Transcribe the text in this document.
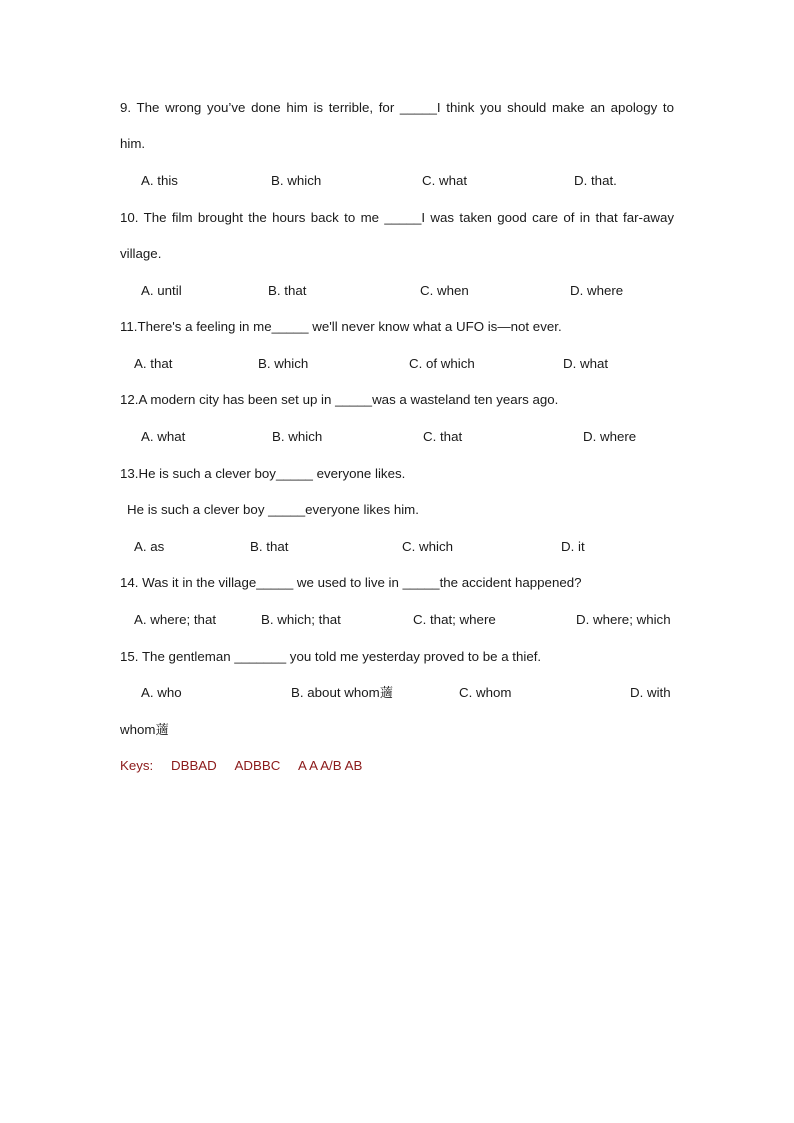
9. The wrong you’ve done him is terrible, for _____I think you should make an apology to
him.
A. this	B. which	C. what	D. that.
10. The film brought the hours back to me _____I was taken good care of in that far-away
village.
A. until	B. that	C. when	D. where
11.There's a feeling in me_____ we'll never know what a UFO is—not ever.
A. that	B. which	C. of which	D. what
12.A modern city has been set up in _____was a wasteland ten years ago.
A. what	B. which	C. that	D. where
13.He is such a clever boy_____ everyone likes.
He is such a clever boy _____everyone likes him.
A. as	B. that	C. which	D. it
14. Was it in the village_____ we used to live in _____the accident happened?
A. where; that	B. which; that	C. that; where	D. where; which
15. The gentleman _______ you told me yesterday proved to be a thief.
A. who	B. about whom藡	C. whom	D. with
whom藡
Keys: DBBAD ADBBC A A A/B AB
